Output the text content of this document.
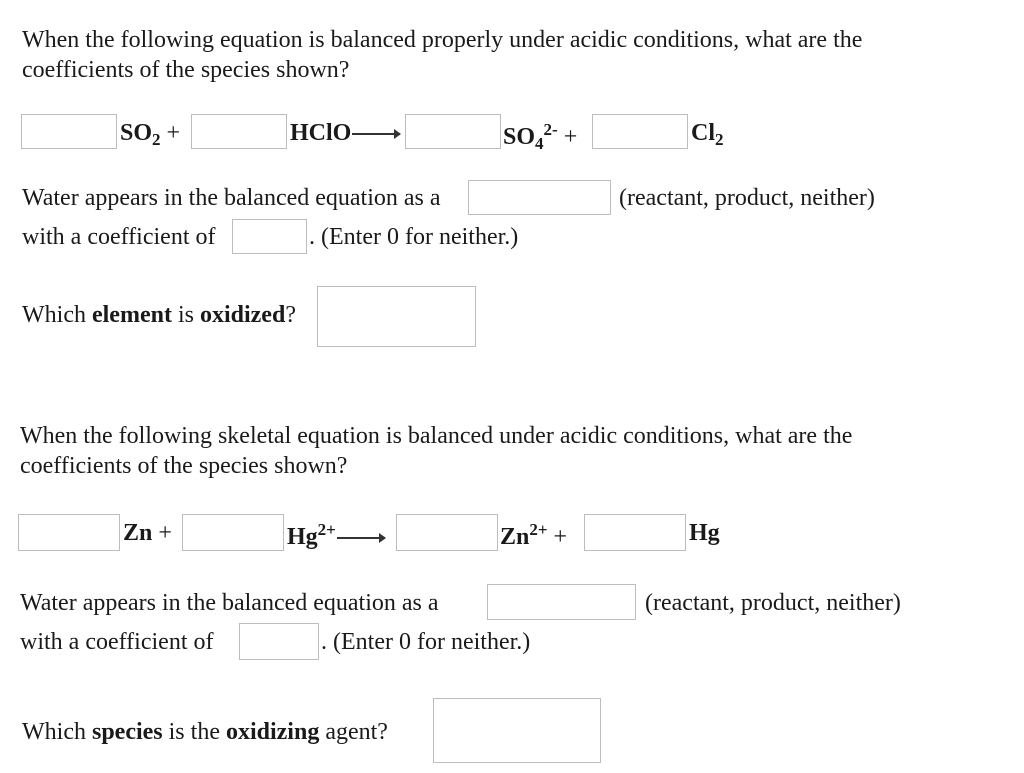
When the following equation is balanced properly under acidic conditions, what are the
coefficients of the species shown?
$SO_2$ +	HClO→	$SO_4^{2-}$ +	$Cl_2$
Water appears in the balanced equation as a	(reactant, product, neither)
with a coefficient of	. (Enter 0 for neither.)
Which element is oxidized?
When the following skeletal equation is balanced under acidic conditions, what are the
coefficients of the species shown?
Zn +	$Hg^{2+}\to$	$Zn^{2+}$ +	Hg
Water appears in the balanced equation as a	(reactant, product, neither)
with a coefficient of	. (Enter 0 for neither.)
Which species is the oxidizing agent?
